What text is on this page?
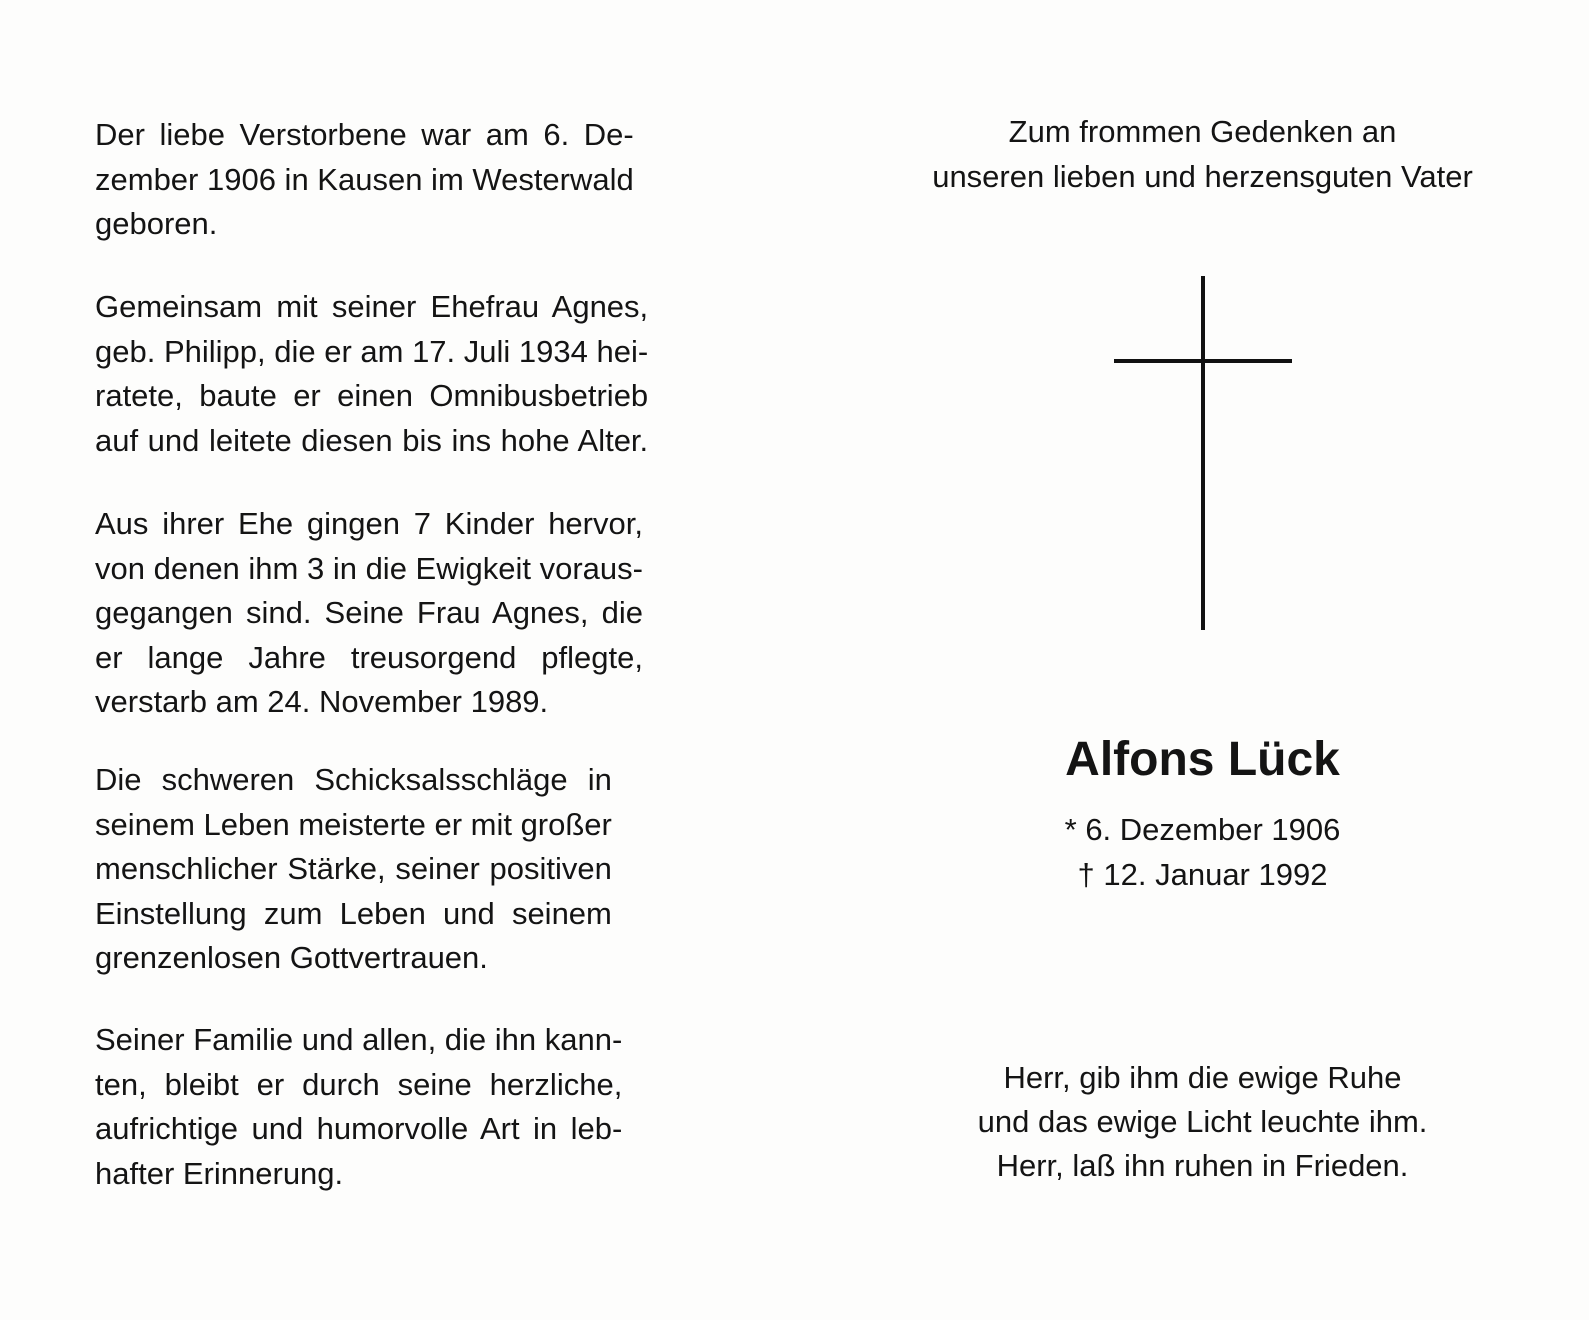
Der liebe Verstorbene war am 6. De-
zember 1906 in Kausen im Westerwald
geboren.

Gemeinsam mit seiner Ehefrau Agnes,
geb. Philipp, die er am 17. Juli 1934 hei-
ratete, baute er einen Omnibusbetrieb
auf und leitete diesen bis ins hohe Alter.

Aus ihrer Ehe gingen 7 Kinder hervor,
von denen ihm 3 in die Ewigkeit voraus-
gegangen sind. Seine Frau Agnes, die
er lange Jahre treusorgend pflegte,
verstarb am 24. November 1989.

Die schweren Schicksalsschläge in
seinem Leben meisterte er mit großer
menschlicher Stärke, seiner positiven
Einstellung zum Leben und seinem
grenzenlosen Gottvertrauen.

Seiner Familie und allen, die ihn kann-
ten, bleibt er durch seine herzliche,
aufrichtige und humorvolle Art in leb-
hafter Erinnerung.

Zum frommen Gedenken an
unseren lieben und herzensguten Vater
Alfons Lück
* 6. Dezember 1906
† 12. Januar 1992
Herr, gib ihm die ewige Ruhe
und das ewige Licht leuchte ihm.
Herr, laß ihn ruhen in Frieden.
